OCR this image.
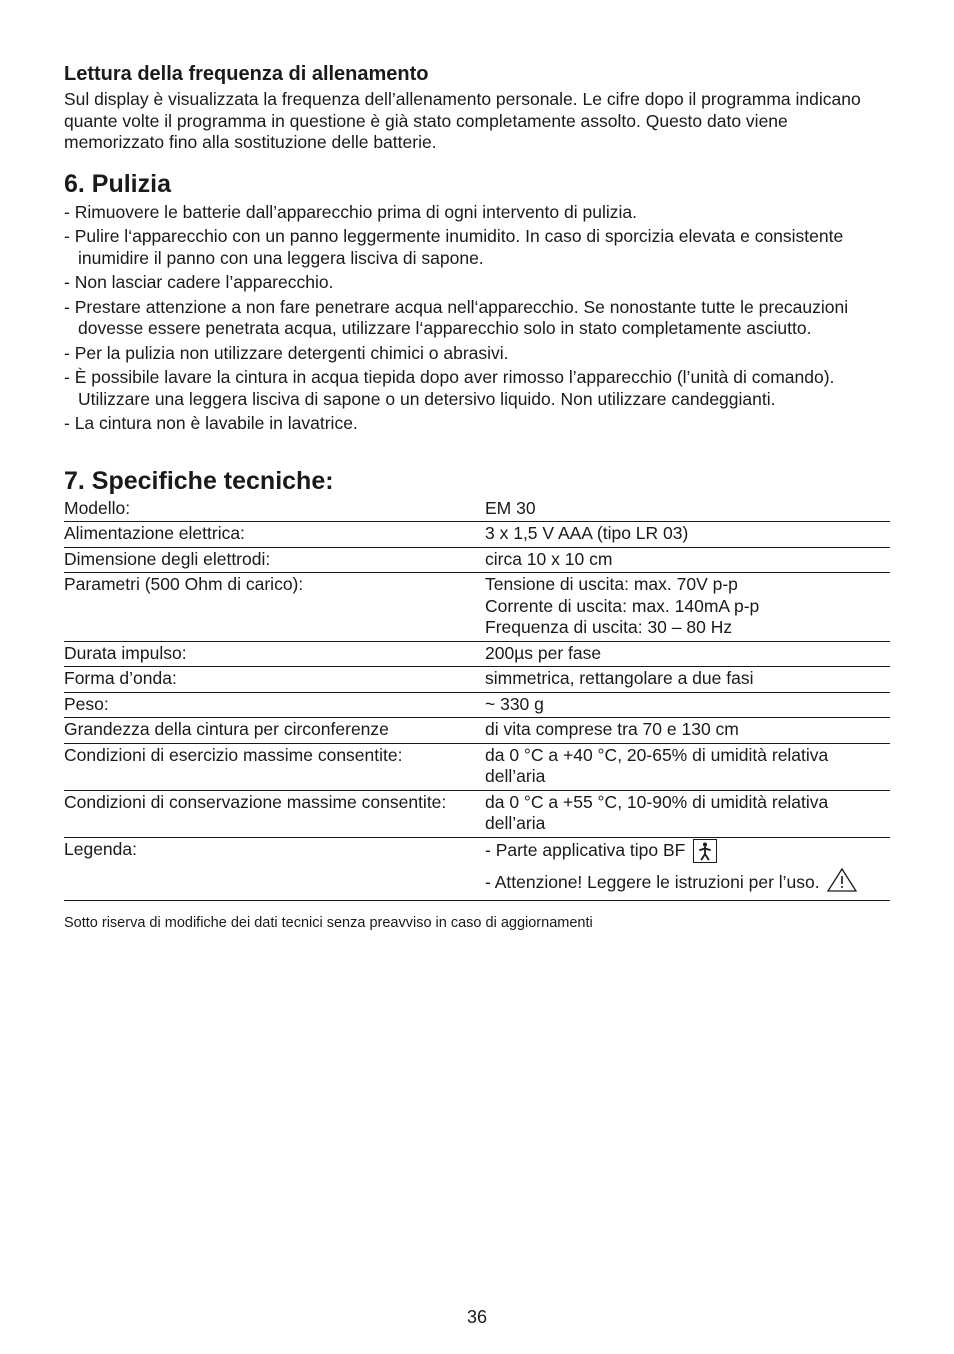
Lettura della frequenza di allenamento

Sul display è visualizzata la frequenza dell’allenamento personale. Le cifre dopo il programma indicano quante volte il programma in questione è già stato completamente assolto. Questo dato viene memorizzato fino alla sostituzione delle batterie.

6. Pulizia
- Rimuovere le batterie dall’apparecchio prima di ogni intervento di pulizia.
- Pulire l‘apparecchio con un panno leggermente inumidito. In caso di sporcizia elevata e consistente inumidire il panno con una leggera lisciva di sapone.
- Non lasciar cadere l’apparecchio.
- Prestare attenzione a non fare penetrare acqua nell‘apparecchio. Se nonostante tutte le precauzioni dovesse essere penetrata acqua, utilizzare l‘apparecchio solo in stato completamente asciutto.
- Per la pulizia non utilizzare detergenti chimici o abrasivi.
- È possibile lavare la cintura in acqua tiepida dopo aver rimosso l’apparecchio (l’unità di comando). Utilizzare una leggera lisciva di sapone o un detersivo liquido. Non utilizzare candeggianti.
- La cintura non è lavabile in lavatrice.
7. Specifiche tecniche:
Modello:	EM 30

Alimentazione elettrica:	3 x 1,5 V AAA (tipo LR 03)

Dimensione degli elettrodi:	circa 10 x 10 cm

Parametri (500 Ohm di carico):	Tensione di uscita: max. 70V p-p
Corrente di uscita: max. 140mA p-p
Frequenza di uscita: 30 – 80 Hz

Durata impulso:	200µs per fase

Forma d’onda:	simmetrica, rettangolare a due fasi

Peso:	~ 330 g

Grandezza della cintura per circonferenze	di vita comprese tra 70 e 130 cm

Condizioni di esercizio massime consentite:	da 0 °C a +40 °C, 20-65% di umidità relativa
dell’aria

Condizioni di conservazione massime consentite:	da 0 °C a +55 °C, 10-90% di umidità relativa
dell’aria

Legenda:	- Parte applicativa tipo BF
- Attenzione! Leggere le istruzioni per l’uso.

Sotto riserva di modifiche dei dati tecnici senza preavviso in caso di aggiornamenti

36
